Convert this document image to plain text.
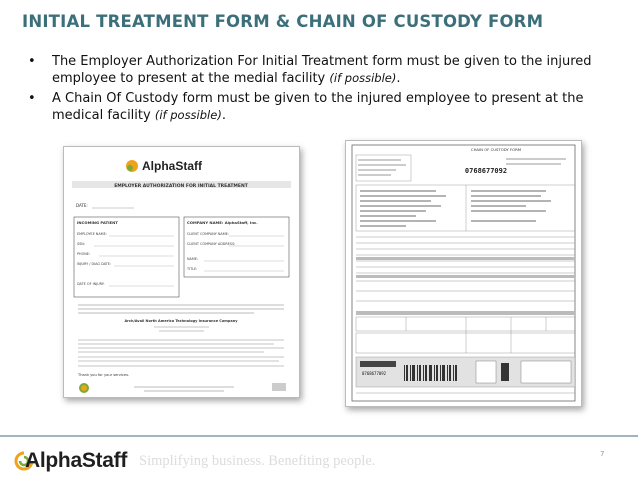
INITIAL TREATMENT FORM & CHAIN OF CUSTODY FORM
• The Employer Authorization For Initial Treatment form must be given to the injured employee to present at the medial facility (if possible).
• A Chain Of Custody form must be given to the injured employee to present at the medical facility (if possible).
AlphaStaff
EMPLOYER AUTHORIZATION FOR INITIAL TREATMENT
DATE:
INCOMING PATIENT	COMPANY NAME: AlphaStaff, Inc.
EMPLOYEE NAME:
SSN:
PHONE:
INJURY / DIAG DATE:
DATE OF INJURY:
CLIENT COMPANY NAME:
CLIENT COMPANY ADDRESS:
NAME:
TITLE:
Arch/Avail North America Technology Insurance Company
Thank you for your services.
CHAIN OF CUSTODY FORM
0768677092
0768677092
AlphaStaff Simplifying business. Benefiting people.	7
